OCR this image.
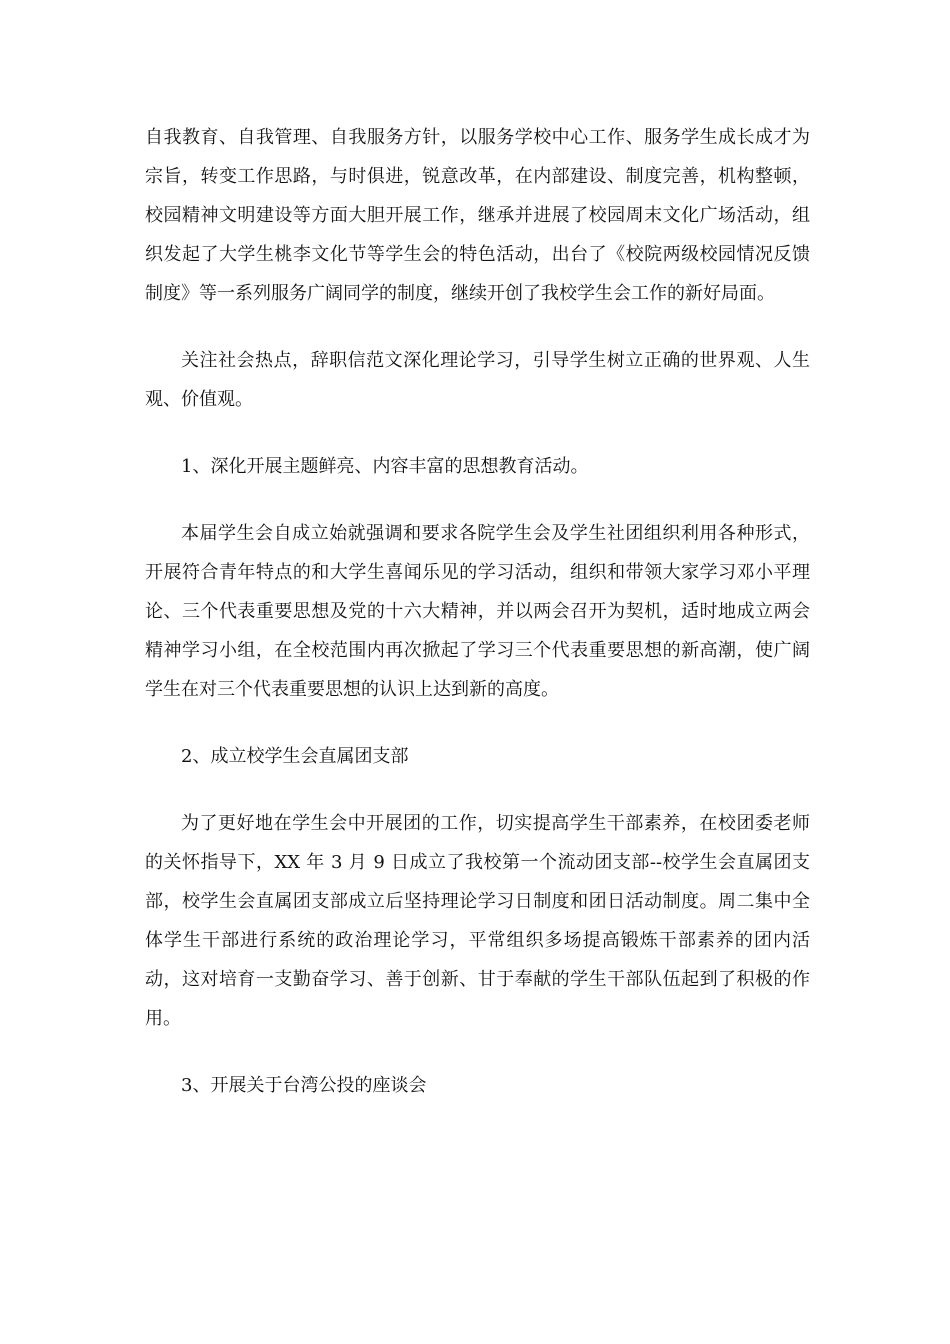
自我教育、自我管理、自我服务方针，以服务学校中心工作、服务学生成长成才为宗旨，转变工作思路，与时俱进，锐意改革，在内部建设、制度完善，机构整顿，校园精神文明建设等方面大胆开展工作，继承并进展了校园周末文化广场活动，组织发起了大学生桃李文化节等学生会的特色活动，出台了《校院两级校园情况反馈制度》等一系列服务广阔同学的制度，继续开创了我校学生会工作的新好局面。

关注社会热点，辞职信范文深化理论学习，引导学生树立正确的世界观、人生观、价值观。

1、深化开展主题鲜亮、内容丰富的思想教育活动。

本届学生会自成立始就强调和要求各院学生会及学生社团组织利用各种形式，开展符合青年特点的和大学生喜闻乐见的学习活动，组织和带领大家学习邓小平理论、三个代表重要思想及党的十六大精神，并以两会召开为契机，适时地成立两会精神学习小组，在全校范围内再次掀起了学习三个代表重要思想的新高潮，使广阔学生在对三个代表重要思想的认识上达到新的高度。

2、成立校学生会直属团支部

为了更好地在学生会中开展团的工作，切实提高学生干部素养，在校团委老师的关怀指导下，XX 年 3 月 9 日成立了我校第一个流动团支部--校学生会直属团支部，校学生会直属团支部成立后坚持理论学习日制度和团日活动制度。周二集中全体学生干部进行系统的政治理论学习，平常组织多场提高锻炼干部素养的团内活动，这对培育一支勤奋学习、善于创新、甘于奉献的学生干部队伍起到了积极的作用。

3、开展关于台湾公投的座谈会
